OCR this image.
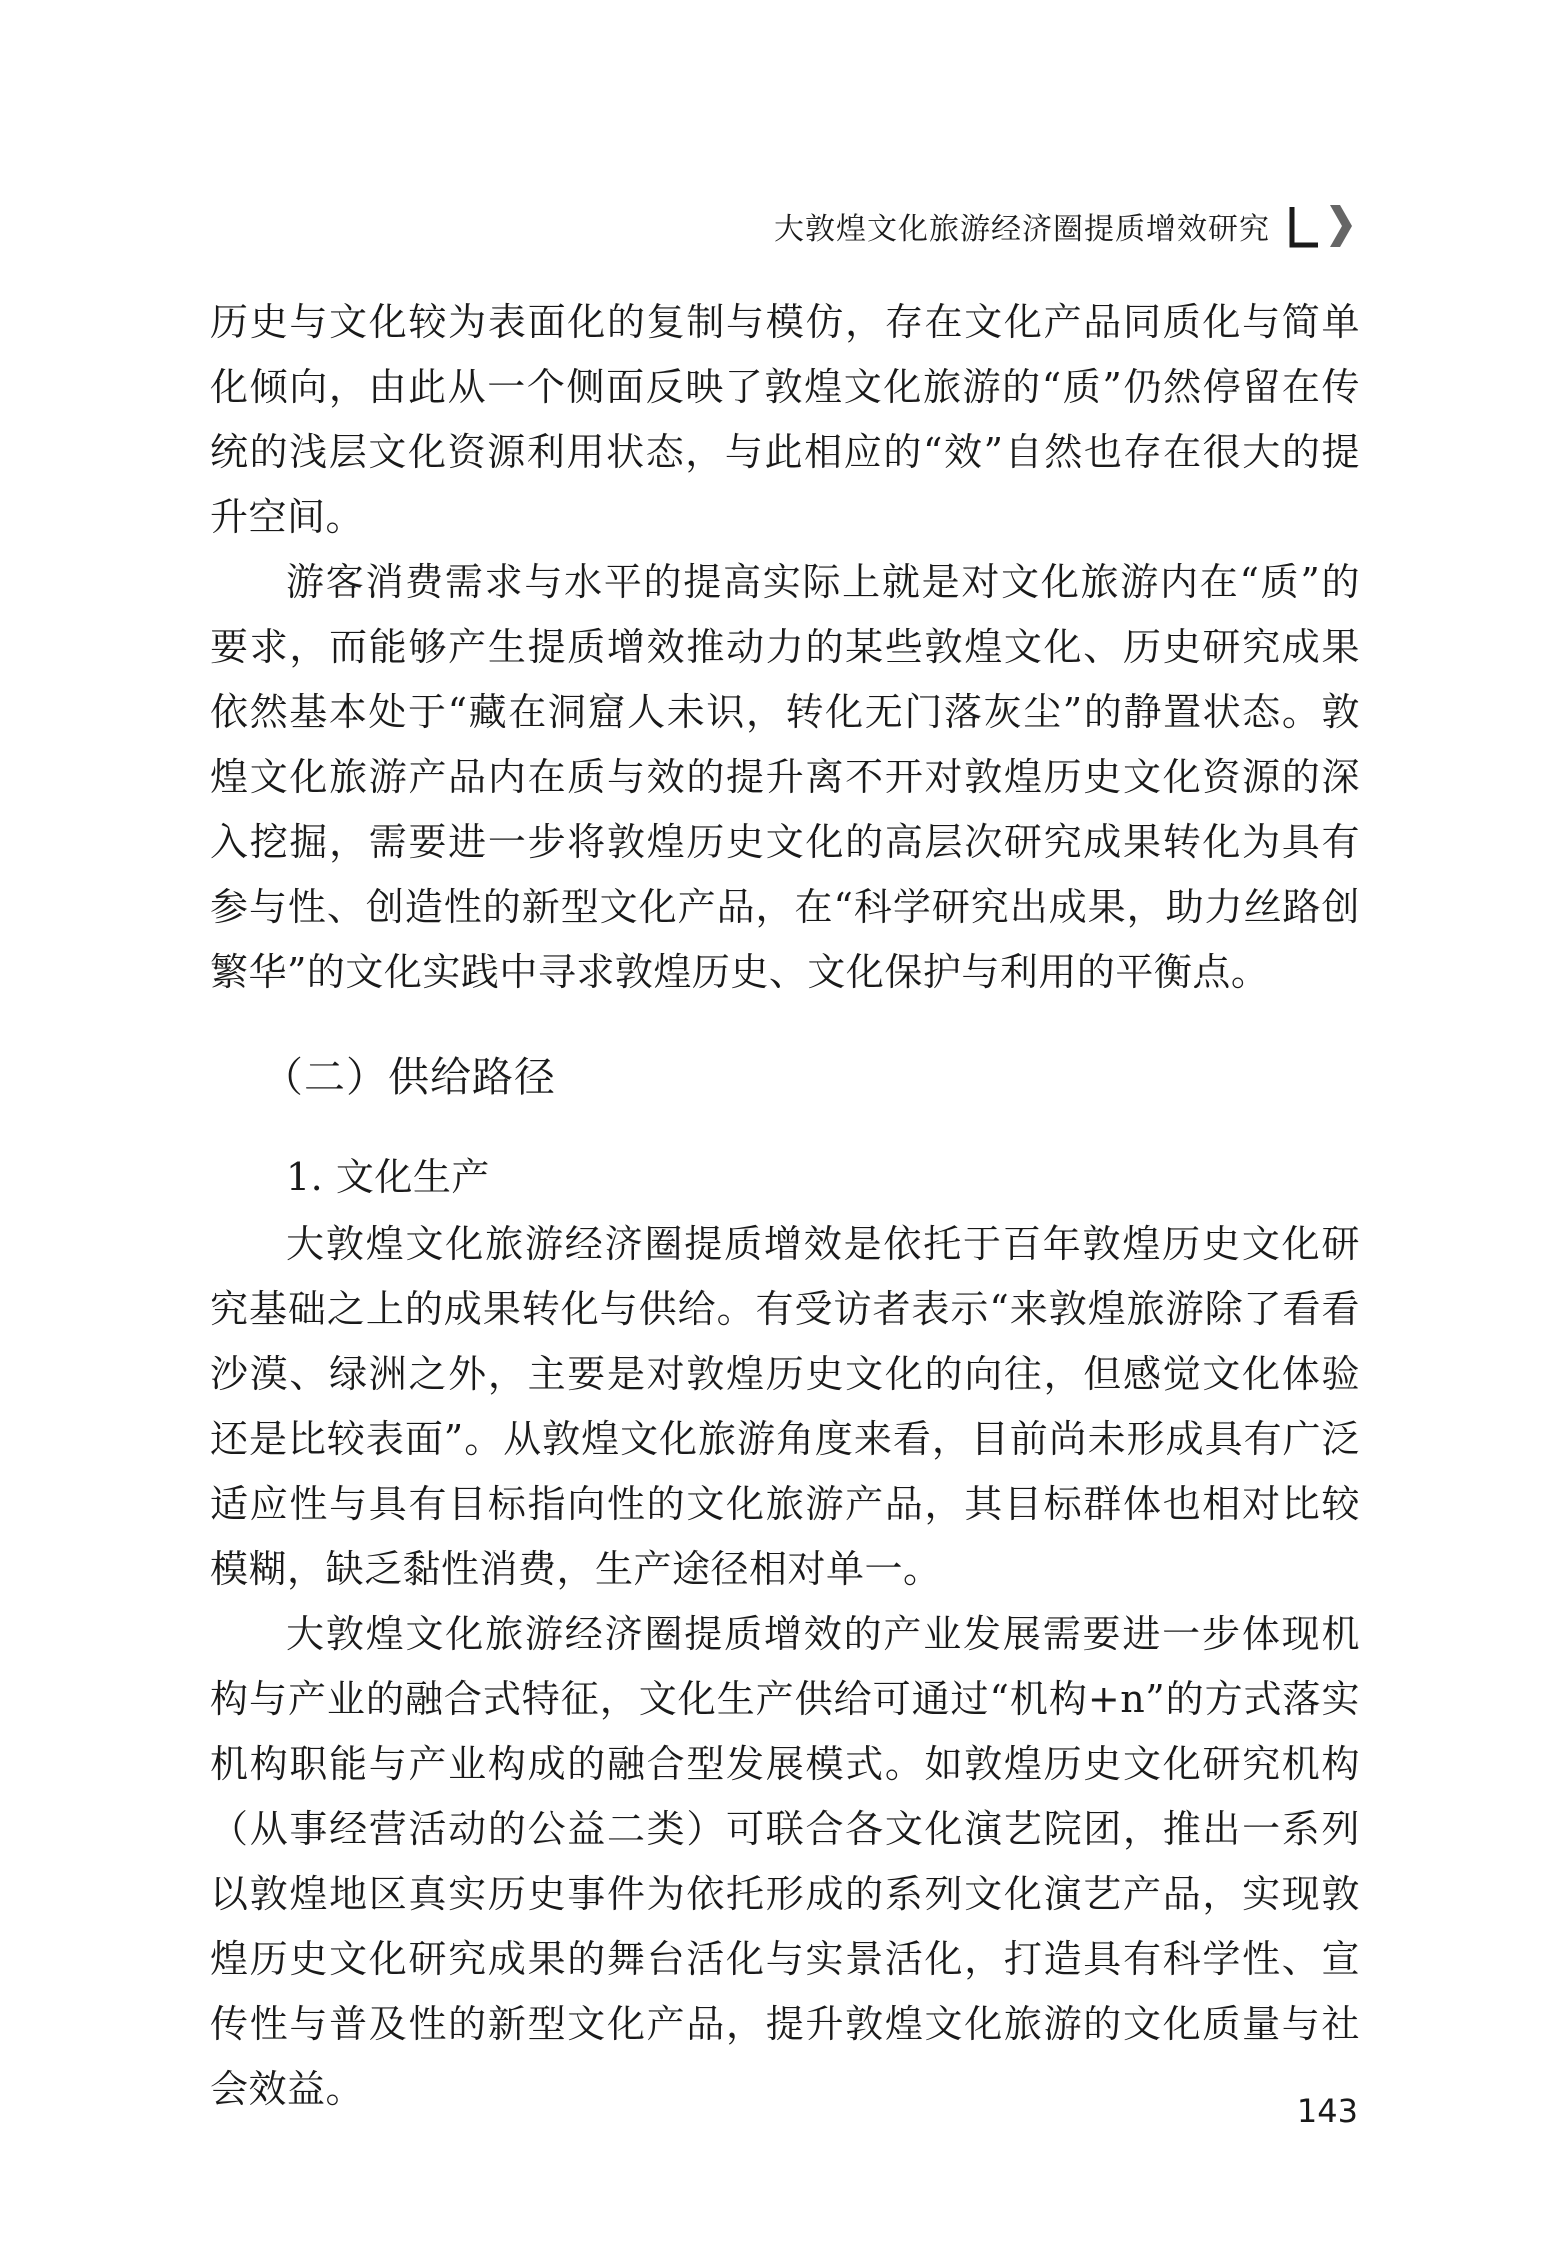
大敦煌文化旅游经济圈提质增效研究

历史与文化较为表面化的复制与模仿，存在文化产品同质化与简单化倾向，由此从一个侧面反映了敦煌文化旅游的“质”仍然停留在传统的浅层文化资源利用状态，与此相应的“效”自然也存在很大的提升空间。

游客消费需求与水平的提高实际上就是对文化旅游内在“质”的要求，而能够产生提质增效推动力的某些敦煌文化、历史研究成果依然基本处于“藏在洞窟人未识，转化无门落灰尘”的静置状态。敦煌文化旅游产品内在质与效的提升离不开对敦煌历史文化资源的深入挖掘，需要进一步将敦煌历史文化的高层次研究成果转化为具有参与性、创造性的新型文化产品，在“科学研究出成果，助力丝路创繁华”的文化实践中寻求敦煌历史、文化保护与利用的平衡点。

（二）供给路径
1. 文化生产

大敦煌文化旅游经济圈提质增效是依托于百年敦煌历史文化研究基础之上的成果转化与供给。有受访者表示“来敦煌旅游除了看看沙漠、绿洲之外，主要是对敦煌历史文化的向往，但感觉文化体验还是比较表面”。从敦煌文化旅游角度来看，目前尚未形成具有广泛适应性与具有目标指向性的文化旅游产品，其目标群体也相对比较模糊，缺乏黏性消费，生产途径相对单一。

大敦煌文化旅游经济圈提质增效的产业发展需要进一步体现机构与产业的融合式特征，文化生产供给可通过“机构+n”的方式落实机构职能与产业构成的融合型发展模式。如敦煌历史文化研究机构（从事经营活动的公益二类）可联合各文化演艺院团，推出一系列以敦煌地区真实历史事件为依托形成的系列文化演艺产品，实现敦煌历史文化研究成果的舞台活化与实景活化，打造具有科学性、宣传性与普及性的新型文化产品，提升敦煌文化旅游的文化质量与社会效益。	143
